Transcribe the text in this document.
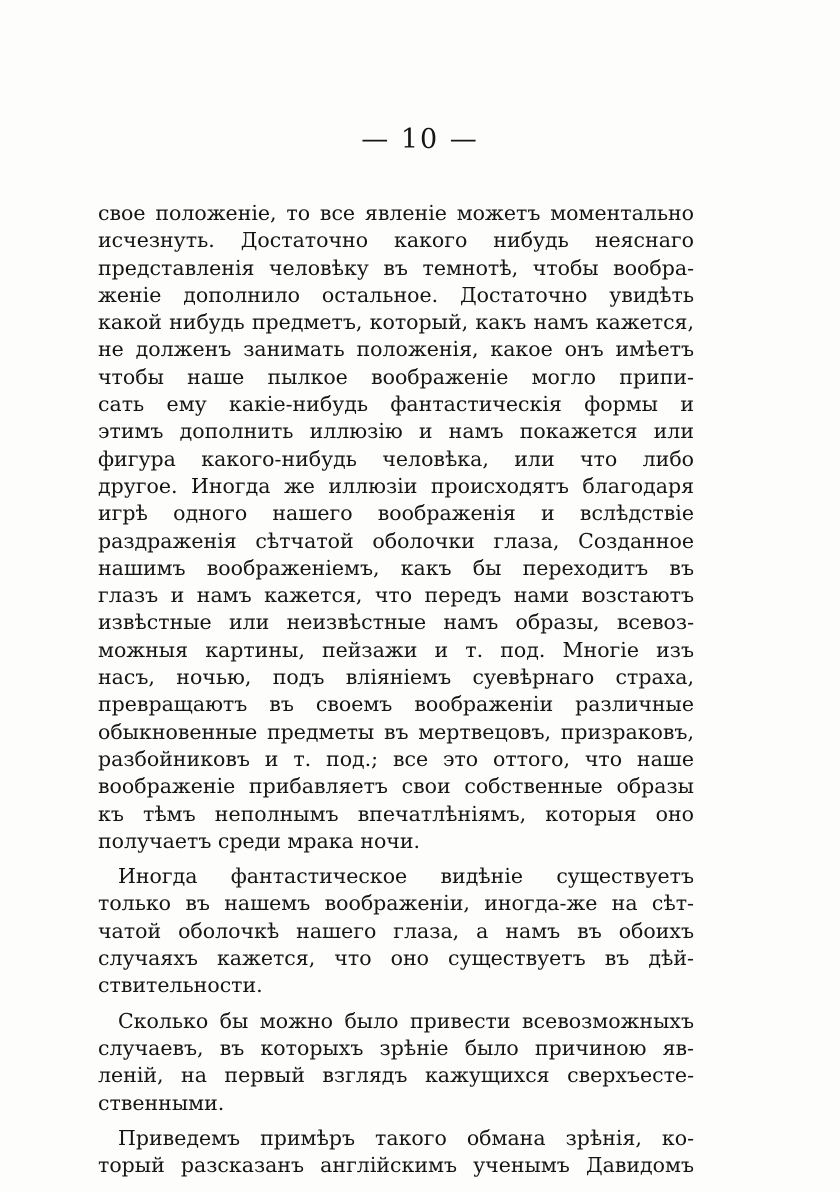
— 10 —
свое положеніе, то все явленіе можетъ моментально
исчезнуть. Достаточно какого нибудь неяснаго
представленія человѣку въ темнотѣ, чтобы вообра-
женіе дополнило остальное. Достаточно увидѣть
какой нибудь предметъ, который, какъ намъ кажется,
не долженъ занимать положенія, какое онъ имѣетъ
чтобы наше пылкое воображеніе могло припи-
сать ему какіе-нибудь фантастическія формы и
этимъ дополнить иллюзію и намъ покажется или
фигура какого-нибудь человѣка, или что либо
другое. Иногда же иллюзіи происходятъ благодаря
игрѣ одного нашего воображенія и вслѣдствіе
раздраженія сѣтчатой оболочки глаза, Созданное
нашимъ воображеніемъ, какъ бы переходитъ въ
глазъ и намъ кажется, что передъ нами возстаютъ
извѣстные или неизвѣстные намъ образы, всевоз-
можныя картины, пейзажи и т. под. Многіе изъ
насъ, ночью, подъ вліяніемъ суевѣрнаго страха,
превращаютъ въ своемъ воображеніи различные
обыкновенные предметы въ мертвецовъ, призраковъ,
разбойниковъ и т. под.; все это оттого, что наше
воображеніе прибавляетъ свои собственные образы
къ тѣмъ неполнымъ впечатлѣніямъ, которыя оно
получаетъ среди мрака ночи.
Иногда фантастическое видѣніе существуетъ
только въ нашемъ воображеніи, иногда-же на сѣт-
чатой оболочкѣ нашего глаза, а намъ въ обоихъ
случаяхъ кажется, что оно существуетъ въ дѣй-
ствительности.
Сколько бы можно было привести всевозможныхъ
случаевъ, въ которыхъ зрѣніе было причиною яв-
леній, на первый взглядъ кажущихся сверхъесте-
ственными.
Приведемъ примѣръ такого обмана зрѣнія, ко-
торый разсказанъ англійскимъ ученымъ Давидомъ
